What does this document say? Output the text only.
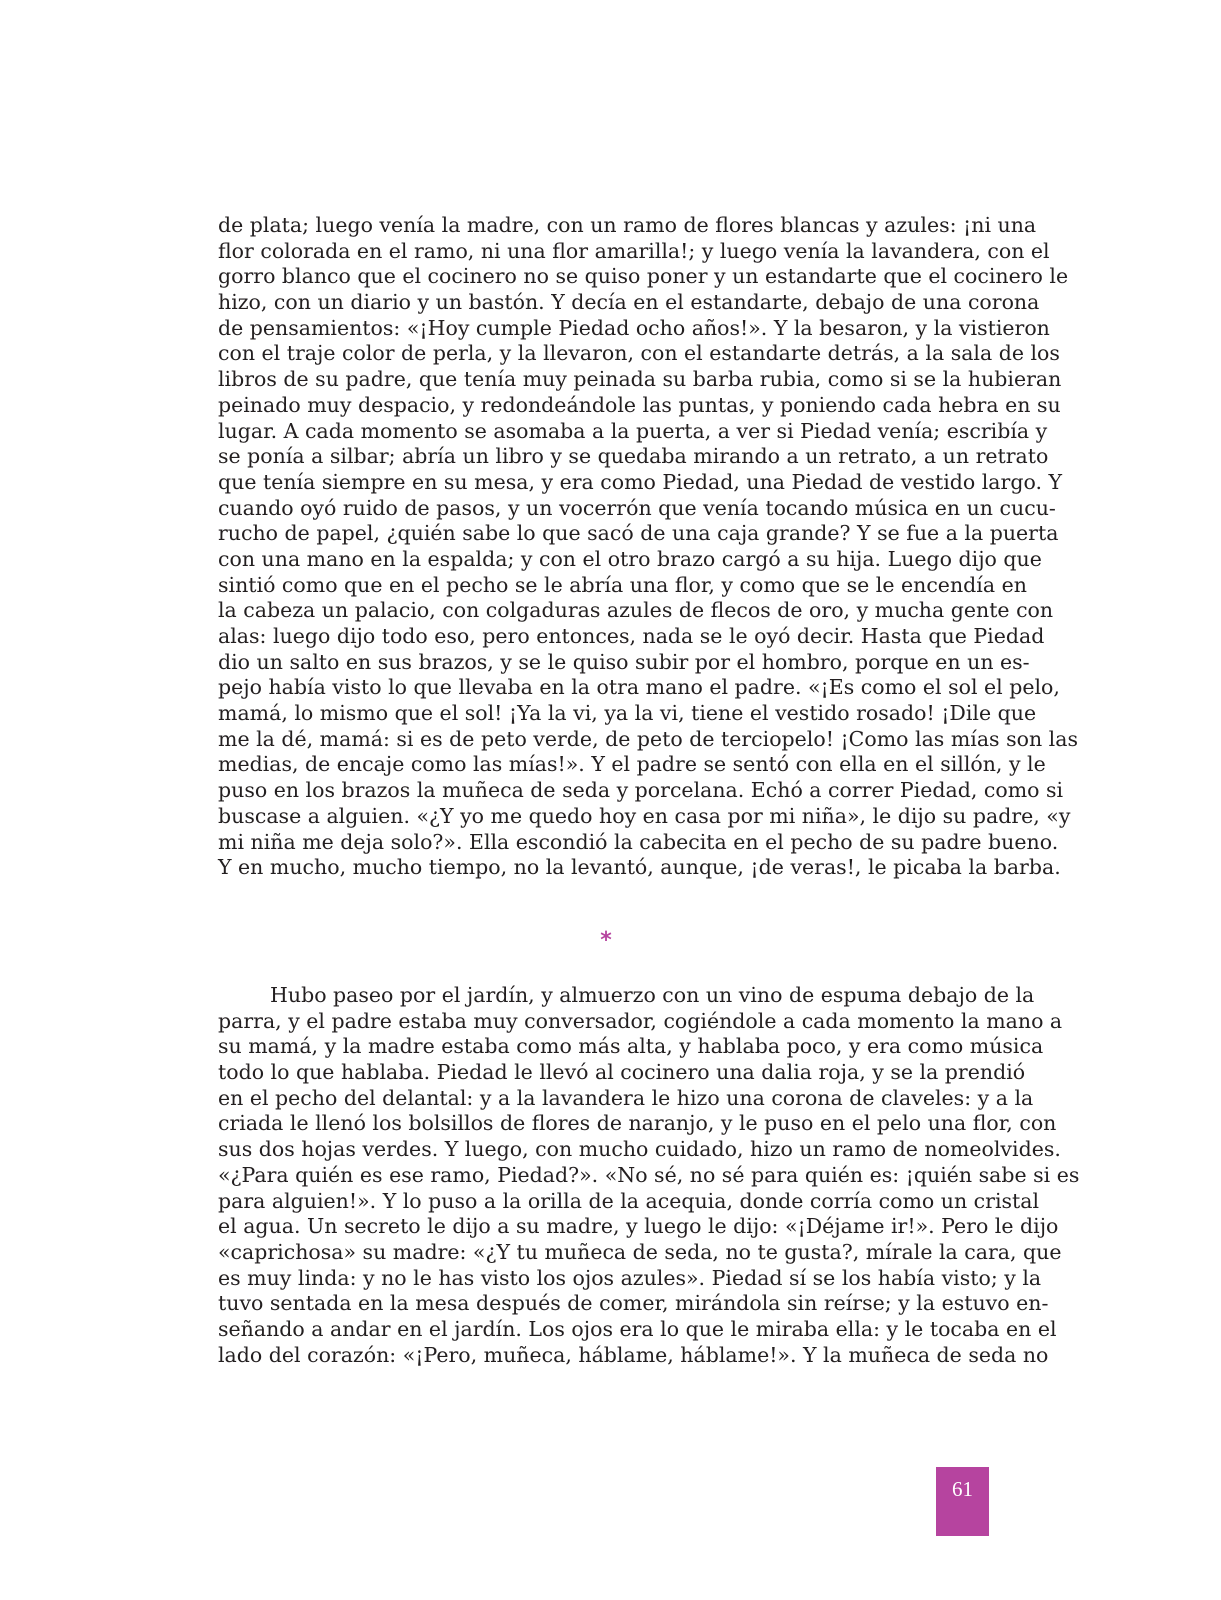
de plata; luego venía la madre, con un ramo de flores blancas y azules: ¡ni una
flor colorada en el ramo, ni una flor amarilla!; y luego venía la lavandera, con el
gorro blanco que el cocinero no se quiso poner y un estandarte que el cocinero le
hizo, con un diario y un bastón. Y decía en el estandarte, debajo de una corona
de pensamientos: «¡Hoy cumple Piedad ocho años!». Y la besaron, y la vistieron
con el traje color de perla, y la llevaron, con el estandarte detrás, a la sala de los
libros de su padre, que tenía muy peinada su barba rubia, como si se la hubieran
peinado muy despacio, y redondeándole las puntas, y poniendo cada hebra en su
lugar. A cada momento se asomaba a la puerta, a ver si Piedad venía; escribía y
se ponía a silbar; abría un libro y se quedaba mirando a un retrato, a un retrato
que tenía siempre en su mesa, y era como Piedad, una Piedad de vestido largo. Y
cuando oyó ruido de pasos, y un vocerrón que venía tocando música en un cucu-
rucho de papel, ¿quién sabe lo que sacó de una caja grande? Y se fue a la puerta
con una mano en la espalda; y con el otro brazo cargó a su hija. Luego dijo que
sintió como que en el pecho se le abría una flor, y como que se le encendía en
la cabeza un palacio, con colgaduras azules de flecos de oro, y mucha gente con
alas: luego dijo todo eso, pero entonces, nada se le oyó decir. Hasta que Piedad
dio un salto en sus brazos, y se le quiso subir por el hombro, porque en un es-
pejo había visto lo que llevaba en la otra mano el padre. «¡Es como el sol el pelo,
mamá, lo mismo que el sol! ¡Ya la vi, ya la vi, tiene el vestido rosado! ¡Dile que
me la dé, mamá: si es de peto verde, de peto de terciopelo! ¡Como las mías son las
medias, de encaje como las mías!». Y el padre se sentó con ella en el sillón, y le
puso en los brazos la muñeca de seda y porcelana. Echó a correr Piedad, como si
buscase a alguien. «¿Y yo me quedo hoy en casa por mi niña», le dijo su padre, «y
mi niña me deja solo?». Ella escondió la cabecita en el pecho de su padre bueno.
Y en mucho, mucho tiempo, no la levantó, aunque, ¡de veras!, le picaba la barba.
*
Hubo paseo por el jardín, y almuerzo con un vino de espuma debajo de la
parra, y el padre estaba muy conversador, cogiéndole a cada momento la mano a
su mamá, y la madre estaba como más alta, y hablaba poco, y era como música
todo lo que hablaba. Piedad le llevó al cocinero una dalia roja, y se la prendió
en el pecho del delantal: y a la lavandera le hizo una corona de claveles: y a la
criada le llenó los bolsillos de flores de naranjo, y le puso en el pelo una flor, con
sus dos hojas verdes. Y luego, con mucho cuidado, hizo un ramo de nomeolvides.
«¿Para quién es ese ramo, Piedad?». «No sé, no sé para quién es: ¡quién sabe si es
para alguien!». Y lo puso a la orilla de la acequia, donde corría como un cristal
el agua. Un secreto le dijo a su madre, y luego le dijo: «¡Déjame ir!». Pero le dijo
«caprichosa» su madre: «¿Y tu muñeca de seda, no te gusta?, mírale la cara, que
es muy linda: y no le has visto los ojos azules». Piedad sí se los había visto; y la
tuvo sentada en la mesa después de comer, mirándola sin reírse; y la estuvo en-
señando a andar en el jardín. Los ojos era lo que le miraba ella: y le tocaba en el
lado del corazón: «¡Pero, muñeca, háblame, háblame!». Y la muñeca de seda no
61
